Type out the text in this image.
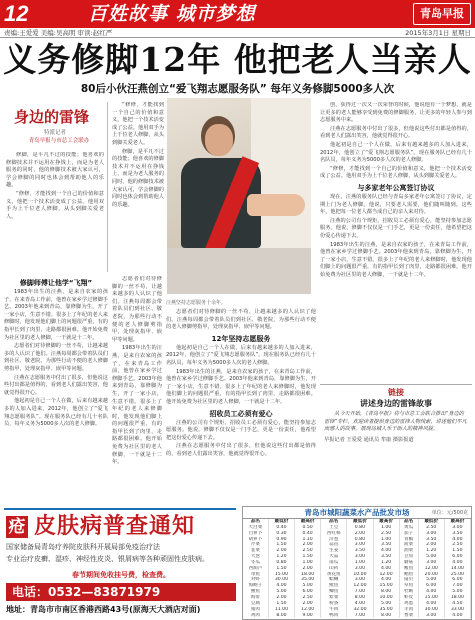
12	百姓故事 城市梦想	青岛早报
责编:王爱爱 美编:吴高明 审读:赵红严	2015年3月1日 星期日
义务修脚12年 他把老人当亲人
80后小伙汪燕创立“爱飞翔志愿服务队” 每年义务修脚5000多人次
身边的雷锋
特派记者
青岛早报与市总工会联办

修脚，是平凡不过的技能；他喜欢的修脚技术并不运用在挣钱上，而是为老人服务的同时，他的修脚技术被大家认可，学会修脚的同时也体会到帮助他人的乐趣。

“修修，才能找到一个自己的价值和意义，他把一个技术活变成了公益。他用双手为上千位老人修脚，从头到脚关爱老人。

修脚师傅让他学“飞翔”

1983年出生的汪燕，是来自农家的孩子，在来青岛工作前，他曾在家乡学过修脚手艺。2003年他来到青岛，靠修脚为生，开了一家小店，生意不错。很多上了年纪的老人来修脚时，他发现他们脚上的问题很严重，有的指甲长到了肉里，走路都很困难。他开始免费为社区里的老人修脚，一干就是十二年。

志愿者们对待修脚的一丝不苟，让越来越多的人认识了他们。汪燕每周都会带着队员们到社区、敬老院，为那些行动不便的老人修脚剪指甲，处理灰指甲、嵌甲等问题。

汪燕在志愿服务中付出了很多，但他说这些付出都是值得的，看到老人们露出笑容，他就觉得很开心。

他起初是自己一个人在做，后来有越来越多的人加入进来，2012年，他创立了“爱飞翔志愿服务队”。现在服务队已经有几十名队员，每年义务为5000多人次的老人修脚。

志愿者们对待修脚的一丝不苟，让越来越多的人认识了他们。汪燕每周都会带着队员们到社区、敬老院，为那些行动不便的老人修脚剪指甲，处理灰指甲、嵌甲等问题。

1983年出生的汪燕，是来自农家的孩子，在来青岛工作前，他曾在家乡学过修脚手艺。2003年他来到青岛，靠修脚为生，开了一家小店，生意不错。很多上了年纪的老人来修脚时，他发现他们脚上的问题很严重，有的指甲长到了肉里，走路都很困难。他开始免费为社区里的老人修脚，一干就是十二年。

“修修，才能找到一个自己的价值和意义，他把一个技术活变成了公益。他用双手为上千位老人修脚，从头到脚关爱老人。

修脚，是平凡不过的技能；他喜欢的修脚技术并不运用在挣钱上，而是为老人服务的同时，他的修脚技术被大家认可，学会修脚的同时也体会到帮助他人的乐趣。

汪燕坚持志愿服务十余年。

志愿者们对待修脚的一丝不苟，让越来越多的人认识了他们。汪燕每周都会带着队员们到社区、敬老院，为那些行动不便的老人修脚剪指甲，处理灰指甲、嵌甲等问题。

12年坚持志愿服务

他起初是自己一个人在做，后来有越来越多的人加入进来，2012年，他创立了“爱飞翔志愿服务队”。现在服务队已经有几十名队员，每年义务为5000多人次的老人修脚。

1983年出生的汪燕，是来自农家的孩子，在来青岛工作前，他曾在家乡学过修脚手艺。2003年他来到青岛，靠修脚为生，开了一家小店，生意不错。很多上了年纪的老人来修脚时，他发现他们脚上的问题很严重，有的指甲长到了肉里，走路都很困难。他开始免费为社区里的老人修脚，一干就是十二年。

招收员工必须有爱心

汪燕的公司有个规矩，招收员工必须有爱心，能坚持参加志愿服务。他说，修脚不仅仅是一门手艺，更是一份责任，他希望把这份爱心传递下去。

汪燕在志愿服务中付出了很多，但他说这些付出都是值得的，看到老人们露出笑容，他就觉得很开心。

创，获得过一次又一次荣誉的时候，他说他有一个梦想，就是让更多的老人能够享受到免费的修脚服务，让更多的年轻人参与到志愿服务中来。

汪燕在志愿服务中付出了很多，但他说这些付出都是值得的，看到老人们露出笑容，他就觉得很开心。

他起初是自己一个人在做，后来有越来越多的人加入进来，2012年，他创立了“爱飞翔志愿服务队”。现在服务队已经有几十名队员，每年义务为5000多人次的老人修脚。

“修修，才能找到一个自己的价值和意义，他把一个技术活变成了公益。他用双手为上千位老人修脚，从头到脚关爱老人。

与多家老年公寓签订协议

现在，汪燕的服务队已经与青岛多家老年公寓签订了协议，定期上门为老人修脚。他说，只要老人需要，他们随叫随到。这些年，他把每一位老人都当成自己的亲人来对待。

汪燕的公司有个规矩，招收员工必须有爱心，能坚持参加志愿服务。他说，修脚不仅仅是一门手艺，更是一份责任，他希望把这份爱心传递下去。

1983年出生的汪燕，是来自农家的孩子，在来青岛工作前，他曾在家乡学过修脚手艺。2003年他来到青岛，靠修脚为生，开了一家小店，生意不错。很多上了年纪的老人来修脚时，他发现他们脚上的问题很严重，有的指甲长到了肉里，走路都很困难。他开始免费为社区里的老人修脚，一干就是十二年。

链接
讲述身边的雷锋故事

从今天开始，《青岛早报》将与市总工会联合推出“身边的雷锋”专栏，欢迎读者提供身边的雷锋人物线索，讲述他们平凡而感人的故事，展现岛城人乐于助人的精神风貌。

早报记者 王爱爱 通讯员 牟康 摄影报道
疮 皮肤病普查通知
国家储备局青岛疗养院皮肤科开展局部免疫治疗法
专业治疗皮癣、湿疹、神经性皮炎、银屑病等各种顽固性皮肤病。
春节期间免收挂号费，检查费。
电话：0532—83871979
地址：青岛市市南区香港西路43号(原海天大酒店对面)
青岛市城阳蔬菜水产品批发市场	单位：元/500克
品名	最低价	最高价	品名	最低价	最高价	品名	最低价	最高价
大白菜	0.40	0.50	土豆	0.80	1.00	黄瓜	2.50	3.00
白萝卜	0.30	0.40	西红柿	2.00	2.50	茄子	3.00	3.50
胡萝卜	0.90	1.10	洋葱	0.80	1.00	青椒	3.50	4.00
芹菜	1.50	2.00	蒜苗	3.00	3.50	菠菜	2.00	2.50
韭菜	2.00	2.50	生姜	3.50	4.00	油菜	1.20	1.50
大葱	1.20	1.50	大蒜	3.00	3.50	豆角	5.00	6.00
冬瓜	0.80	1.00	南瓜	1.00	1.20	蘑菇	3.00	4.00
西葫芦	1.50	2.00	山药	3.00	4.00	鲅鱼	12.00	14.00
带鱼	15.00	18.00	黄花鱼	10.00	12.00	鲳鱼	20.00	25.00
对虾	30.00	35.00	蛤蜊	3.00	4.00	扇贝	5.00	6.00
海蛎子	4.00	5.00	鱿鱼	12.00	15.00	草鱼	6.00	7.00
鲤鱼	5.00	6.00	鲫鱼	7.00	8.00	牡蛎	4.00	5.00
海带	2.00	2.50	紫菜	8.00	10.00	虾皮	15.00	18.00
豆腐	1.50	2.00	粉条	4.00	5.00	鸡蛋	4.00	4.50
猪肉	11.00	12.00	牛肉	32.00	35.00	羊肉	30.00	33.00
鸡肉	8.00	9.00	鸭肉	7.00	8.00	香菜	3.00	4.00
